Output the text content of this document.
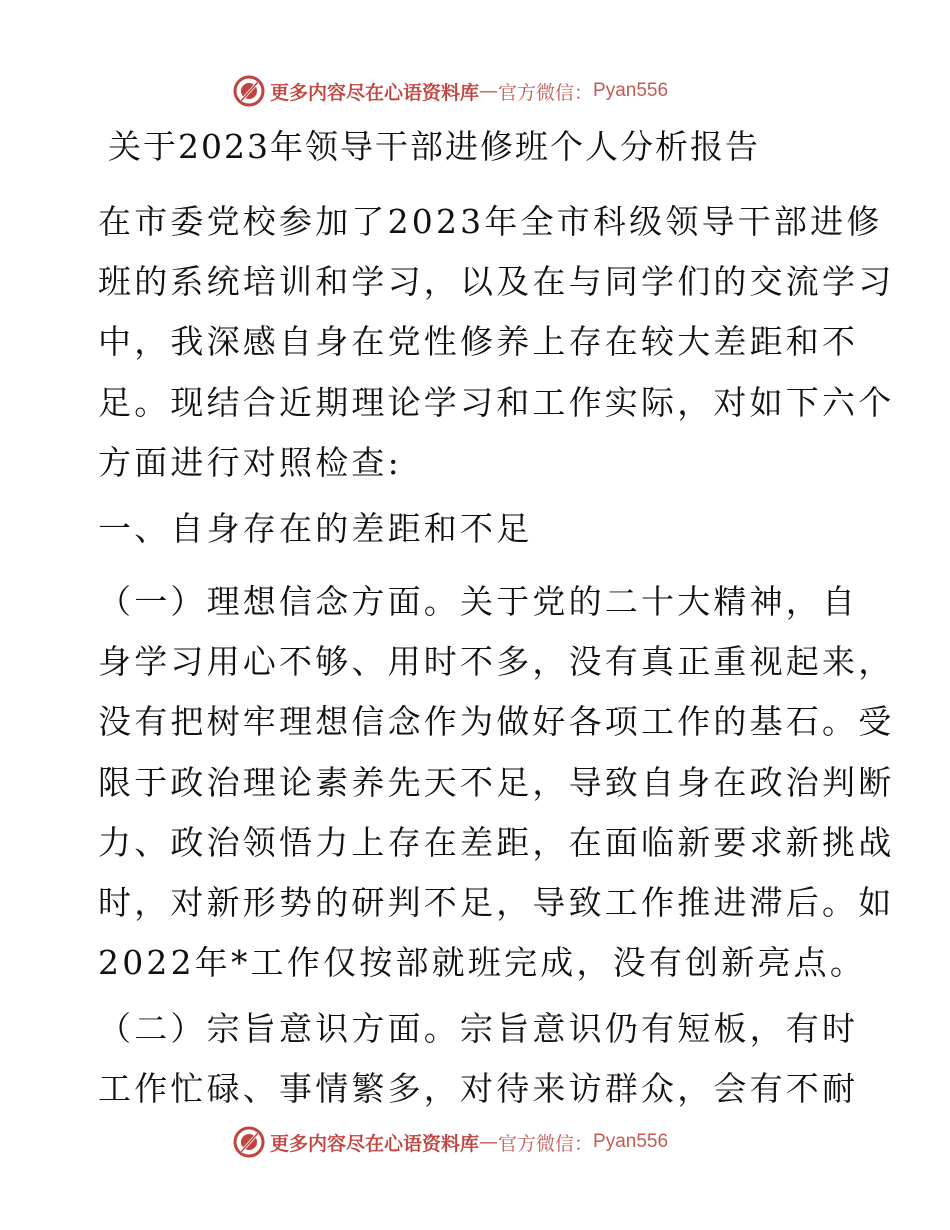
更多内容尽在心语资料库 — 官方微信： Pyan556
关于2023年领导干部进修班个人分析报告

在市委党校参加了2023年全市科级领导干部进修
班的系统培训和学习，以及在与同学们的交流学习
中，我深感自身在党性修养上存在较大差距和不
足。现结合近期理论学习和工作实际，对如下六个
方面进行对照检查:

一、自身存在的差距和不足

（一）理想信念方面。关于党的二十大精神，自
身学习用心不够、用时不多，没有真正重视起来，
没有把树牢理想信念作为做好各项工作的基石。受
限于政治理论素养先天不足，导致自身在政治判断
力、政治领悟力上存在差距，在面临新要求新挑战
时，对新形势的研判不足，导致工作推进滞后。如
2022年*工作仅按部就班完成，没有创新亮点。

（二）宗旨意识方面。宗旨意识仍有短板，有时
工作忙碌、事情繁多，对待来访群众，会有不耐

更多内容尽在心语资料库 — 官方微信： Pyan556
